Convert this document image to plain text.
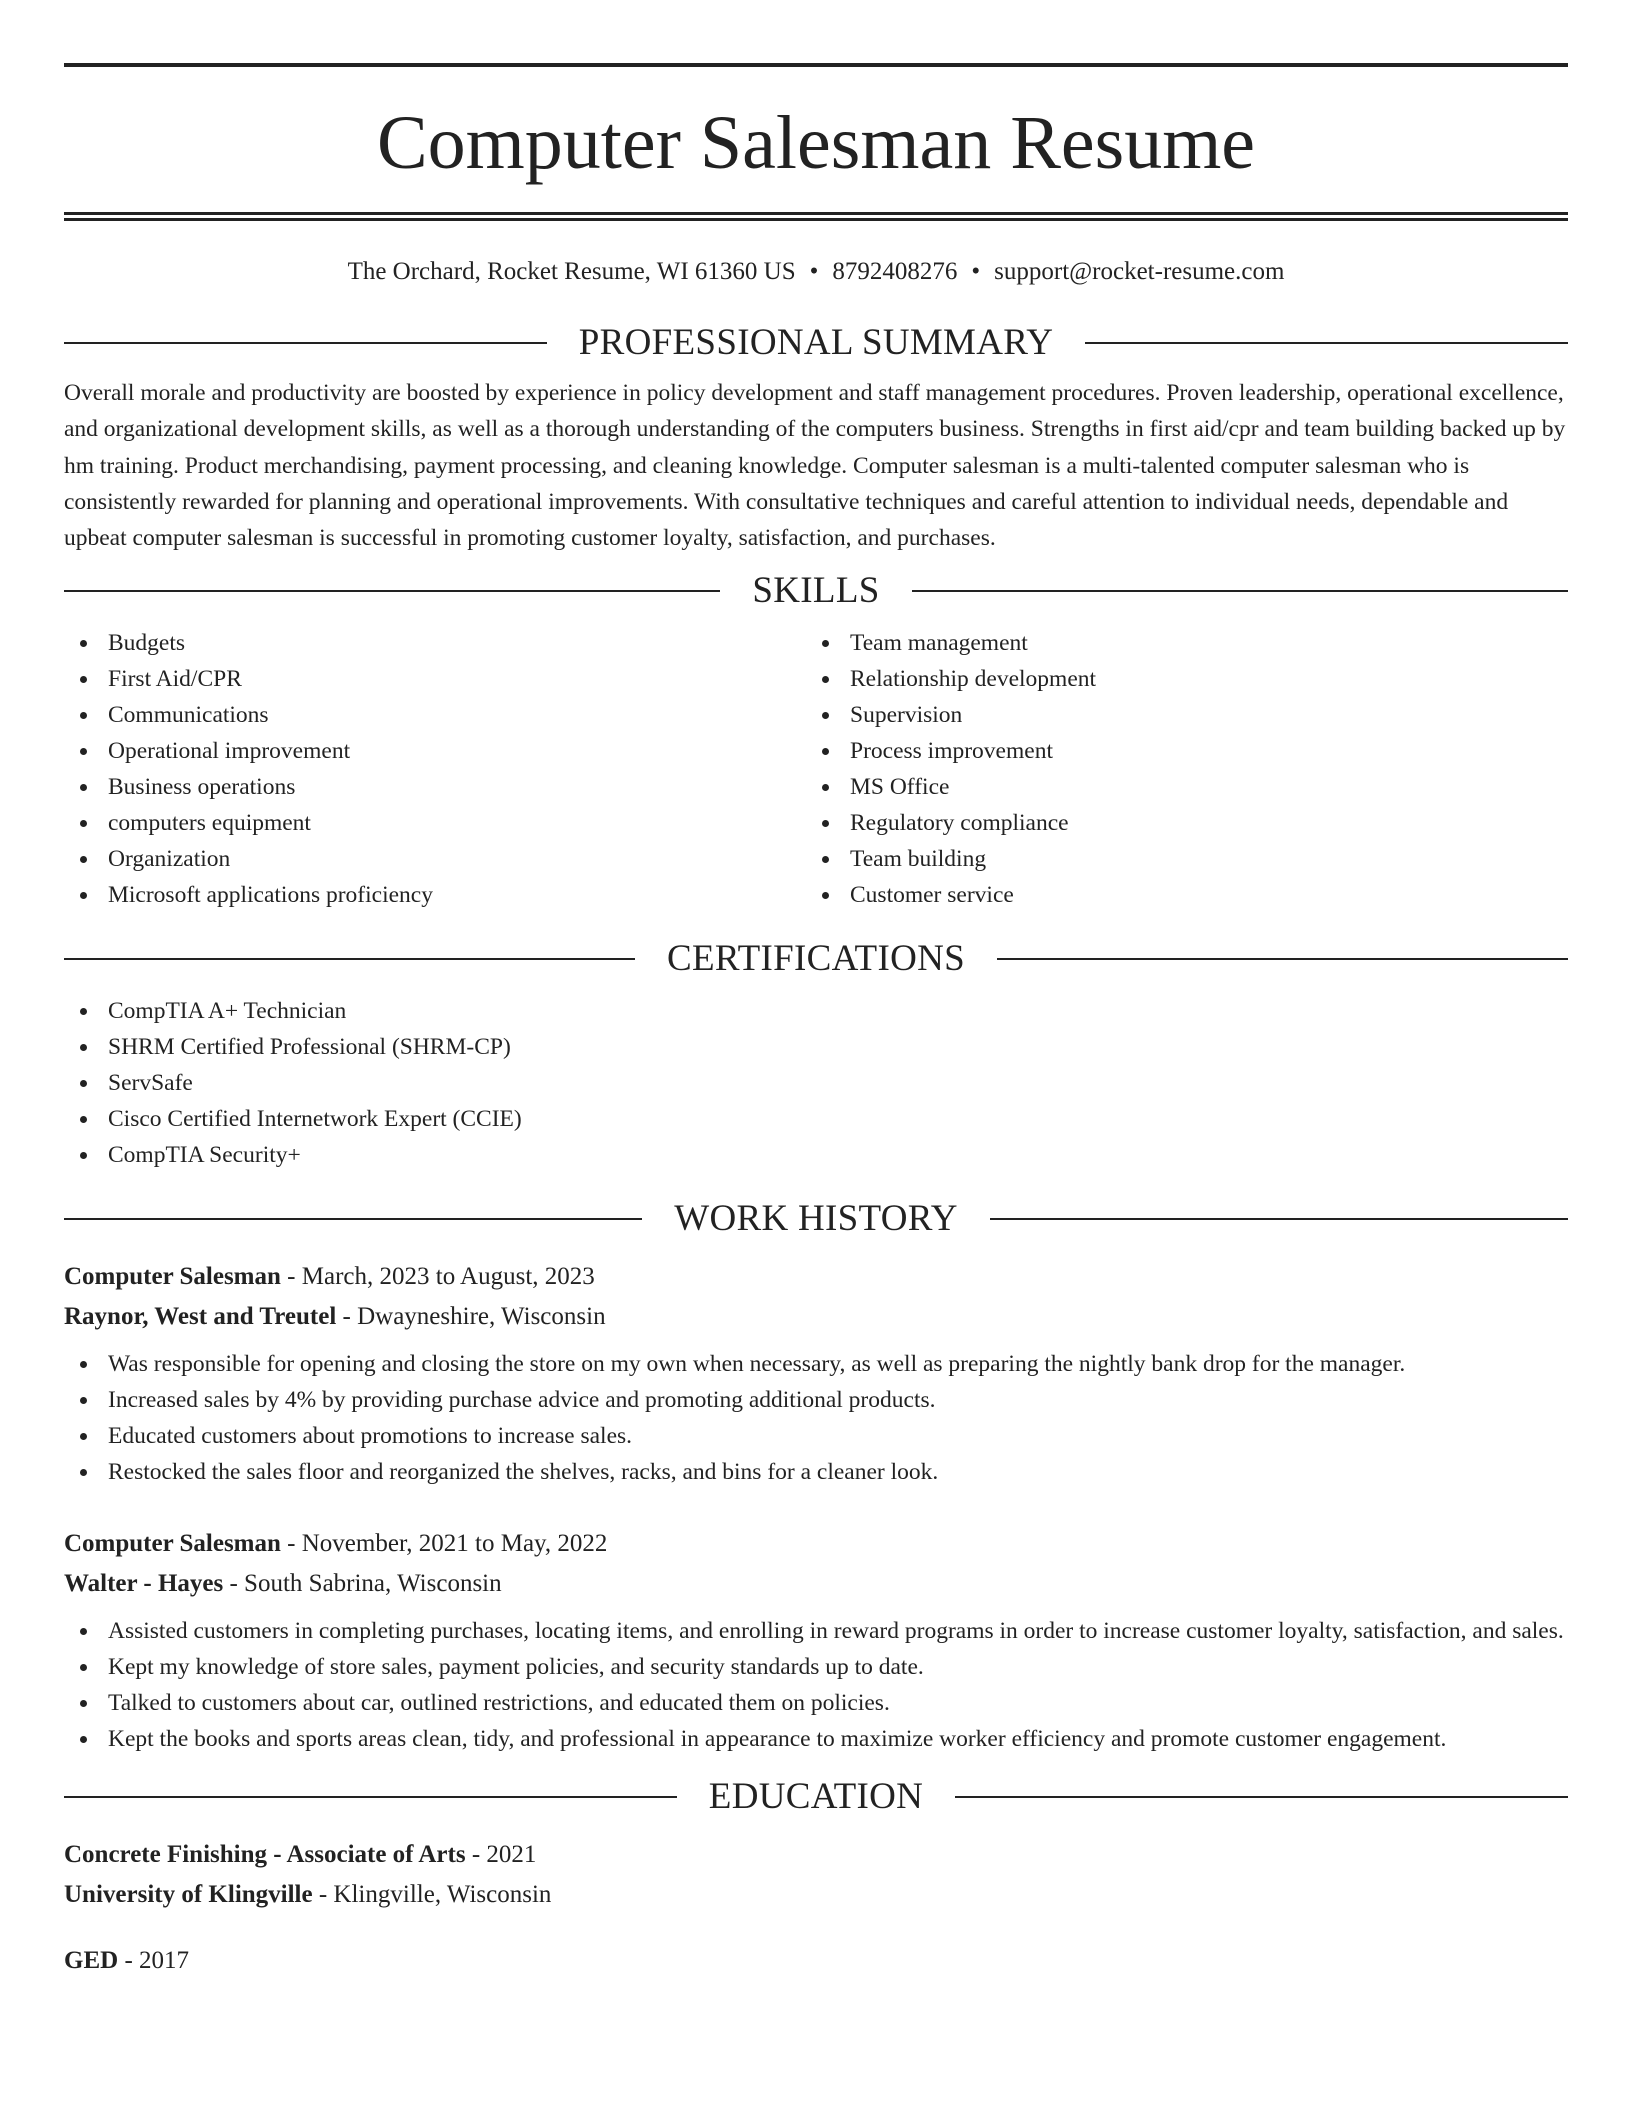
Computer Salesman Resume
The Orchard, Rocket Resume, WI 61360 US • 8792408276 • support@rocket-resume.com
PROFESSIONAL SUMMARY

Overall morale and productivity are boosted by experience in policy development and staff management procedures. Proven leadership, operational excellence, and organizational development skills, as well as a thorough understanding of the computers business. Strengths in first aid/cpr and team building backed up by hm training. Product merchandising, payment processing, and cleaning knowledge. Computer salesman is a multi-talented computer salesman who is consistently rewarded for planning and operational improvements. With consultative techniques and careful attention to individual needs, dependable and upbeat computer salesman is successful in promoting customer loyalty, satisfaction, and purchases.

SKILLS
Budgets
First Aid/CPR
Communications
Operational improvement
Business operations
computers equipment
Organization
Microsoft applications proficiency
Team management
Relationship development
Supervision
Process improvement
MS Office
Regulatory compliance
Team building
Customer service
CERTIFICATIONS
CompTIA A+ Technician
SHRM Certified Professional (SHRM-CP)
ServSafe
Cisco Certified Internetwork Expert (CCIE)
CompTIA Security+
WORK HISTORY
Computer Salesman - March, 2023 to August, 2023
Raynor, West and Treutel - Dwayneshire, Wisconsin
Was responsible for opening and closing the store on my own when necessary, as well as preparing the nightly bank drop for the manager.
Increased sales by 4% by providing purchase advice and promoting additional products.
Educated customers about promotions to increase sales.
Restocked the sales floor and reorganized the shelves, racks, and bins for a cleaner look.
Computer Salesman - November, 2021 to May, 2022
Walter - Hayes - South Sabrina, Wisconsin
Assisted customers in completing purchases, locating items, and enrolling in reward programs in order to increase customer loyalty, satisfaction, and sales.
Kept my knowledge of store sales, payment policies, and security standards up to date.
Talked to customers about car, outlined restrictions, and educated them on policies.
Kept the books and sports areas clean, tidy, and professional in appearance to maximize worker efficiency and promote customer engagement.
EDUCATION
Concrete Finishing - Associate of Arts - 2021
University of Klingville - Klingville, Wisconsin
GED - 2017
